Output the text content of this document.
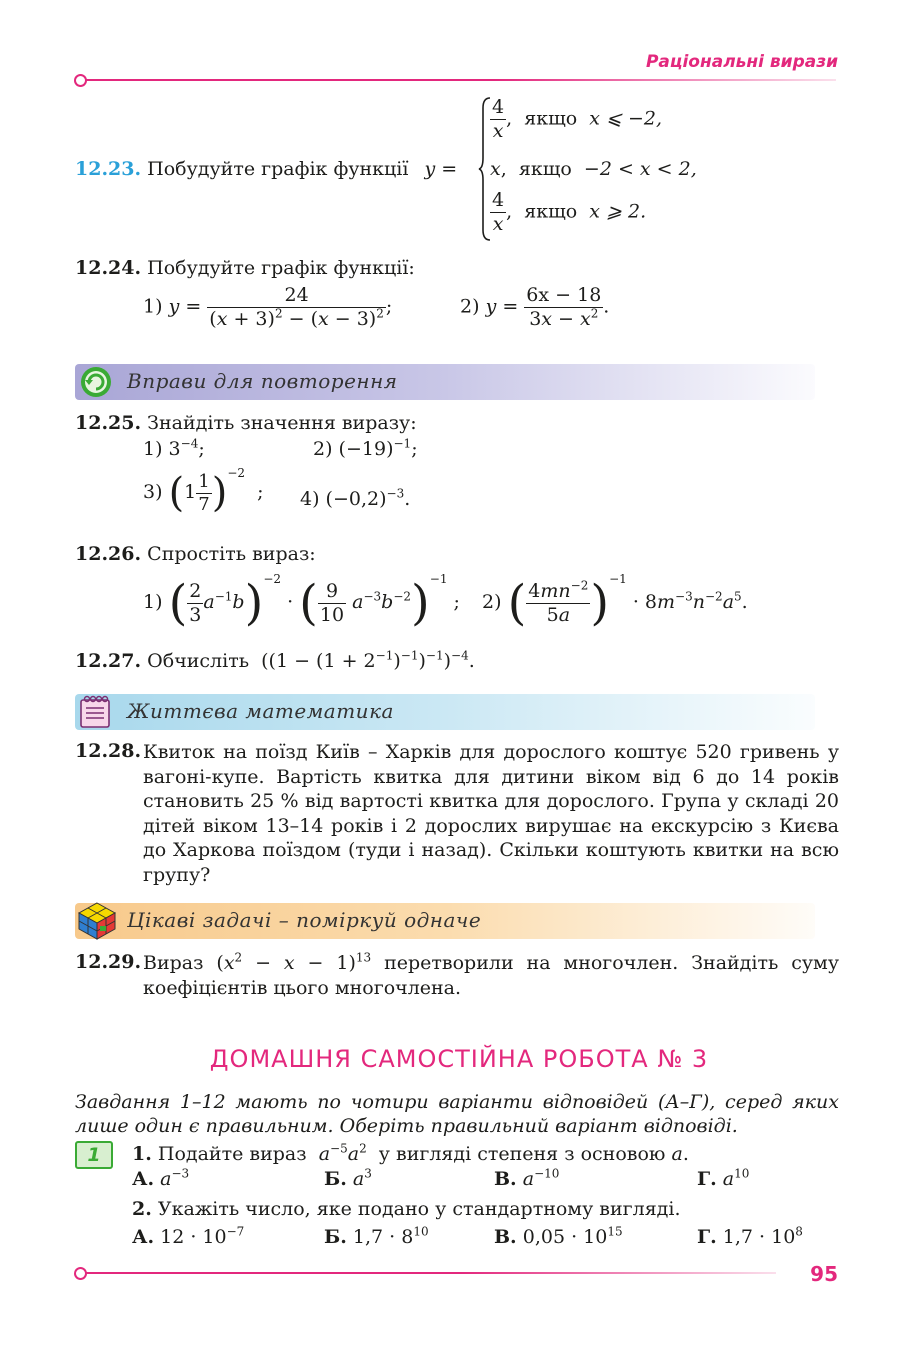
Раціональні вирази
12.23. Побудуйте графік функції y =
$\frac{4}{x}$ ,  якщо x ⩽ −2,
x,  якщо −2 < x < 2,
$\frac{4}{x}$ ,  якщо x ⩾ 2.
12.24. Побудуйте графік функції:
1) $y = \frac{24}{(x + 3)^2 - (x - 3)^2}$ ;	2) $y = \frac{6x - 18}{3x - x^2}$ .
Вправи для повторення
12.25. Знайдіть значення виразу:
1) $3^{-4}$;	2) $(-19)^{-1}$;
3) $(1 \frac{1}{7} )^{-2}$  ; 4) $(-0,2)^{-3}$.
12.26. Спростіть вираз:
1) ( $\frac{2}{3} a^{-1}b)^{-2}$ · ( $\frac{9}{10} a^{-3}b^{-2})^{-1}$ ; 2) ( $\frac{4mn^{-2}}{5a} )^{-1} \cdot 8m^{-3}n^{-2}a^5$.
12.27. Обчисліть  $((1 - (1 + 2^{-1})^{-1})^{-1})^{-4}$.
Життєва математика
12.28. Квиток на поїзд Київ – Харків для дорослого коштує 520 гривень у вагоні-купе. Вартість квитка для дитини віком від 6 до 14 років становить 25 % від вартості квитка для дорослого. Група у складі 20 дітей віком 13–14 років і 2 дорослих вирушає на екскурсію з Києва до Харкова поїздом (туди і назад). Скільки коштують квитки на всю групу?
Цікаві задачі – поміркуй одначе
12.29. Вираз $(x^2 - x - 1)^{13}$ перетворили на многочлен. Знайдіть суму коефіцієнтів цього многочлена.
ДОМАШНЯ САМОСТІЙНА РОБОТА № 3
Завдання 1–12 мають по чотири варіанти відповідей (А–Г), серед яких лише один є правильним. Оберіть правильний варіант відповіді.
1	1. Подайте вираз $a^{-5}a^2$ у вигляді степеня з основою a.
А. $a^{-3}$	Б. $a^3$	В. $a^{-10}$	Г. $a^{10}$
2. Укажіть число, яке подано у стандартному вигляді.
А. $12 \cdot 10^{-7}$	Б. $1,7 \cdot 8^{10}$	В. $0,05 \cdot 10^{15}$	Г. $1,7 \cdot 10^8$
95
